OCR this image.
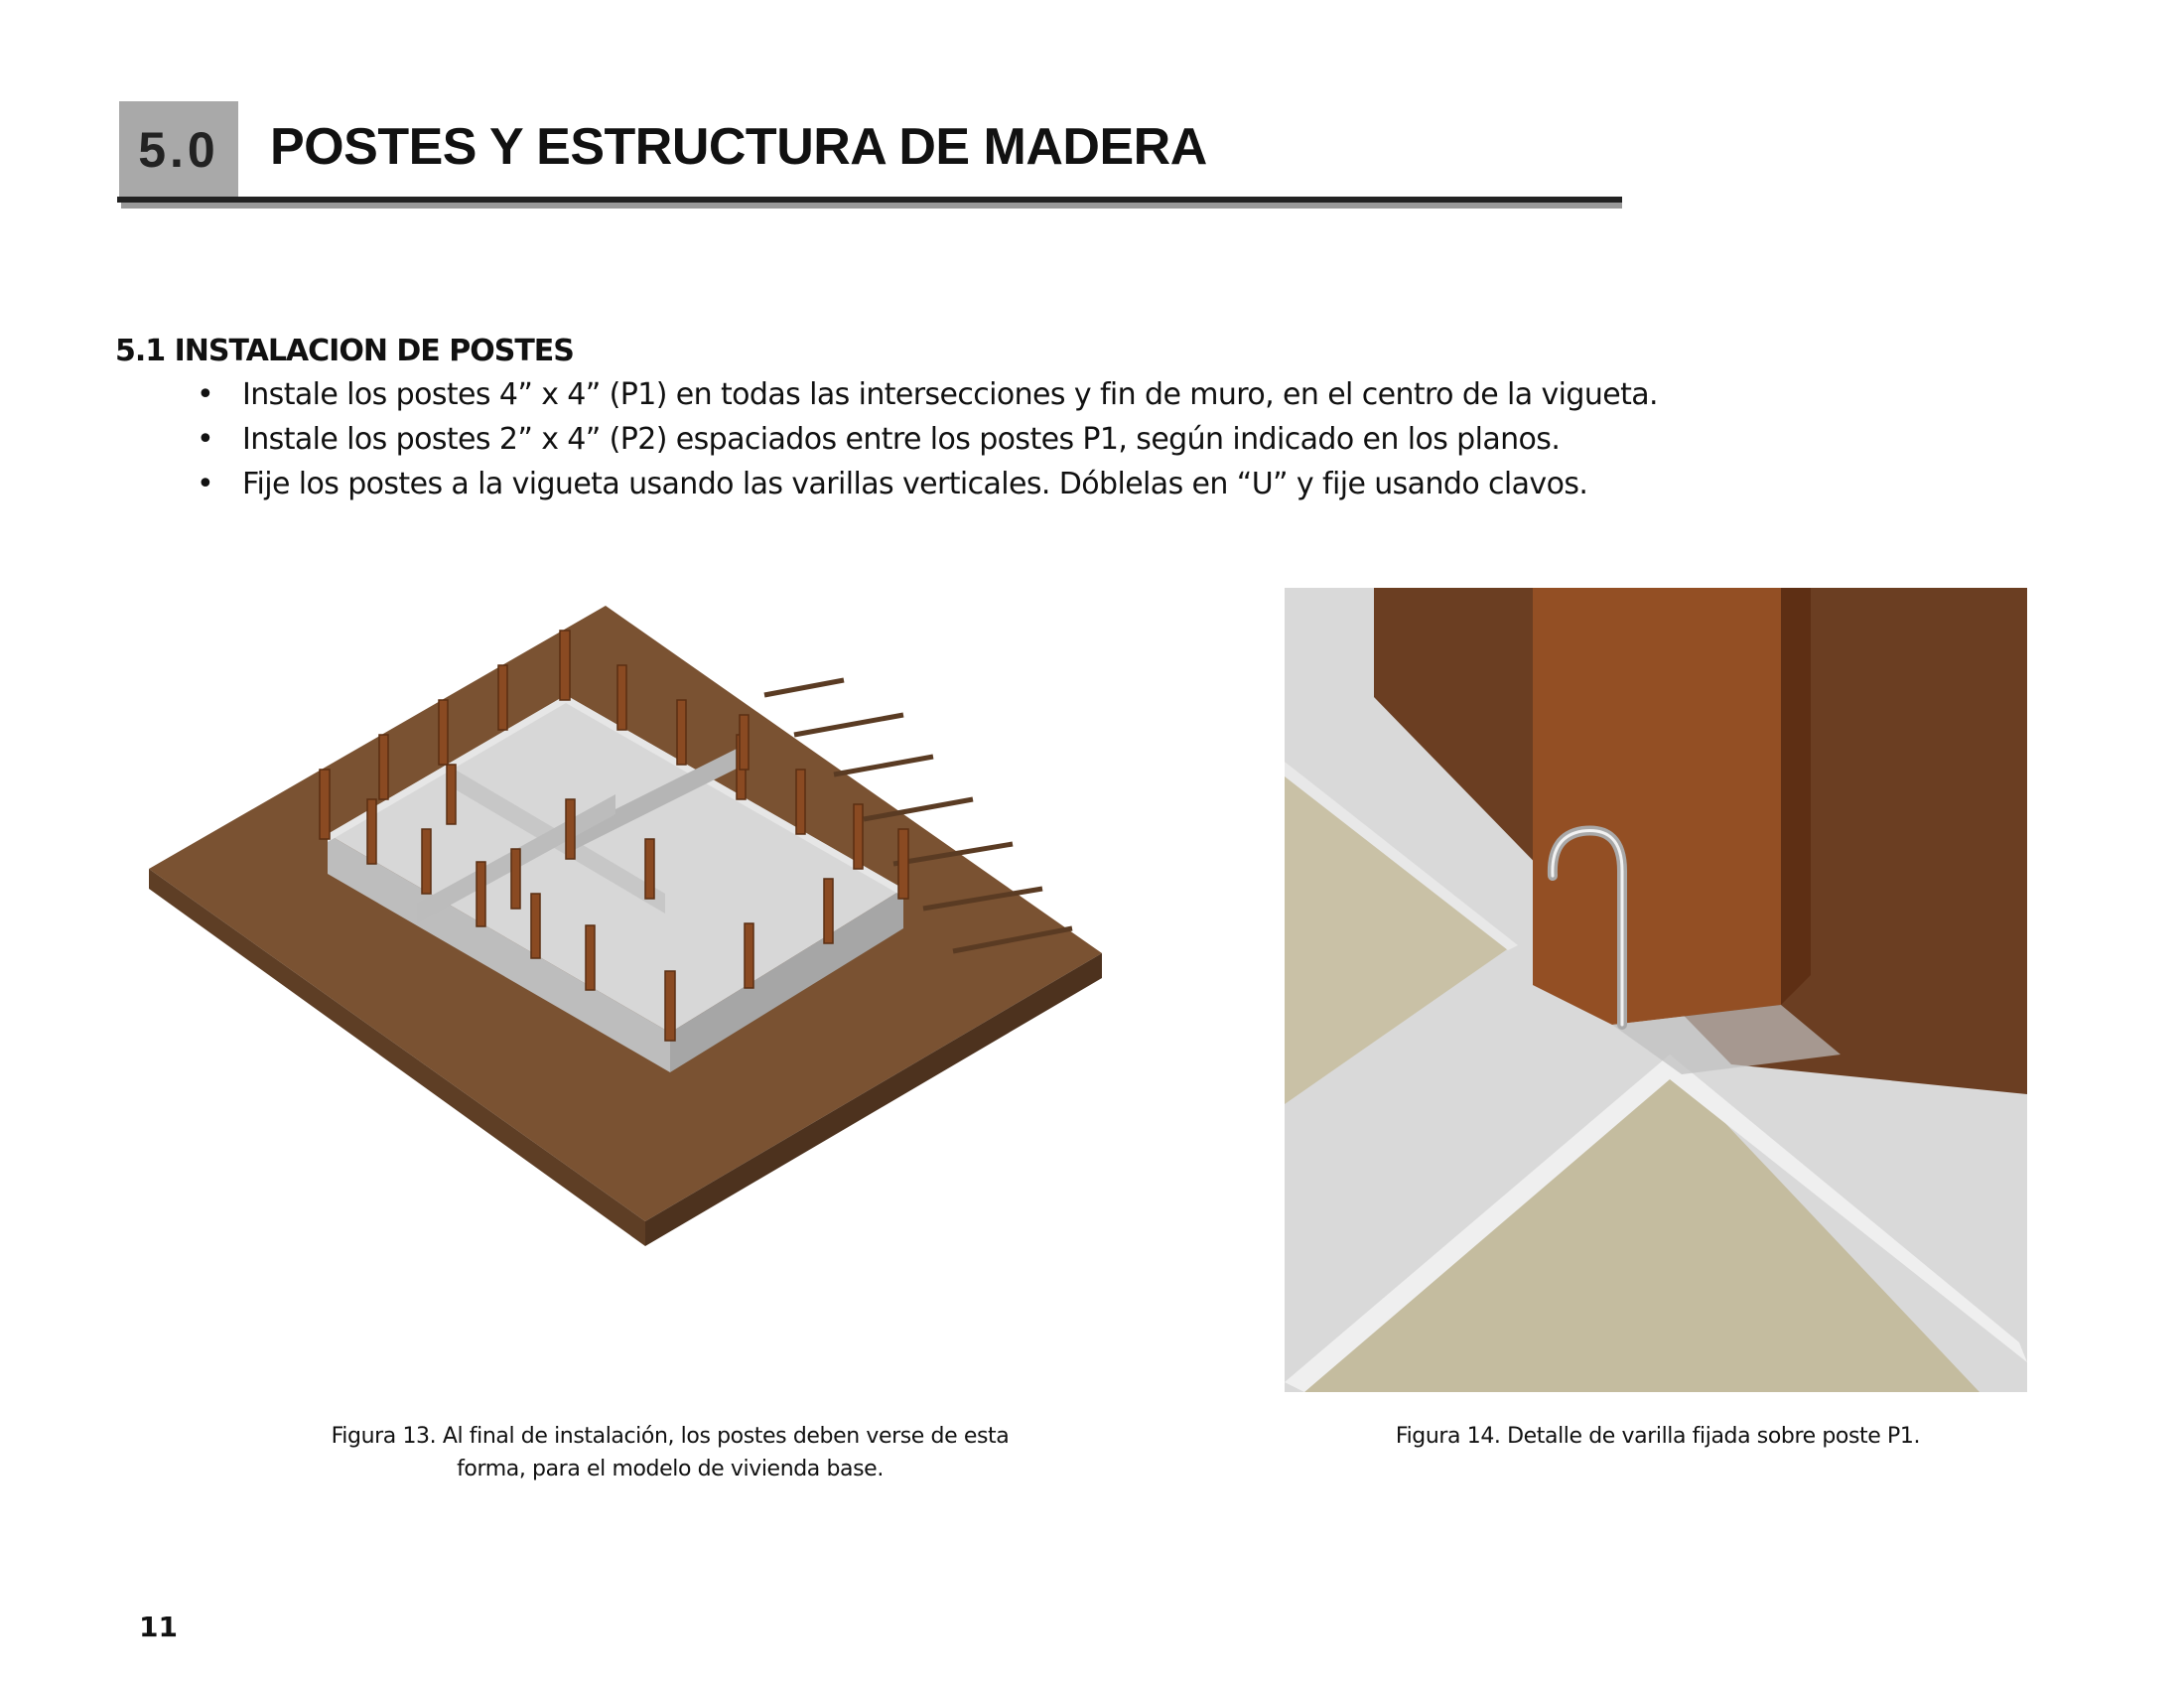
5.0 POSTES Y ESTRUCTURA DE MADERA
5.1 INSTALACION DE POSTES
• Instale los postes 4” x 4” (P1) en todas las intersecciones y fin de muro, en el centro de la vigueta.
• Instale los postes 2” x 4” (P2) espaciados entre los postes P1, según indicado en los planos.
• Fije los postes a la vigueta usando las varillas verticales. Dóblelas en “U” y fije usando clavos.
Figura 13. Al final de instalación, los postes deben verse de esta
forma, para el modelo de vivienda base.
Figura 14. Detalle de varilla fijada sobre poste P1.
11
